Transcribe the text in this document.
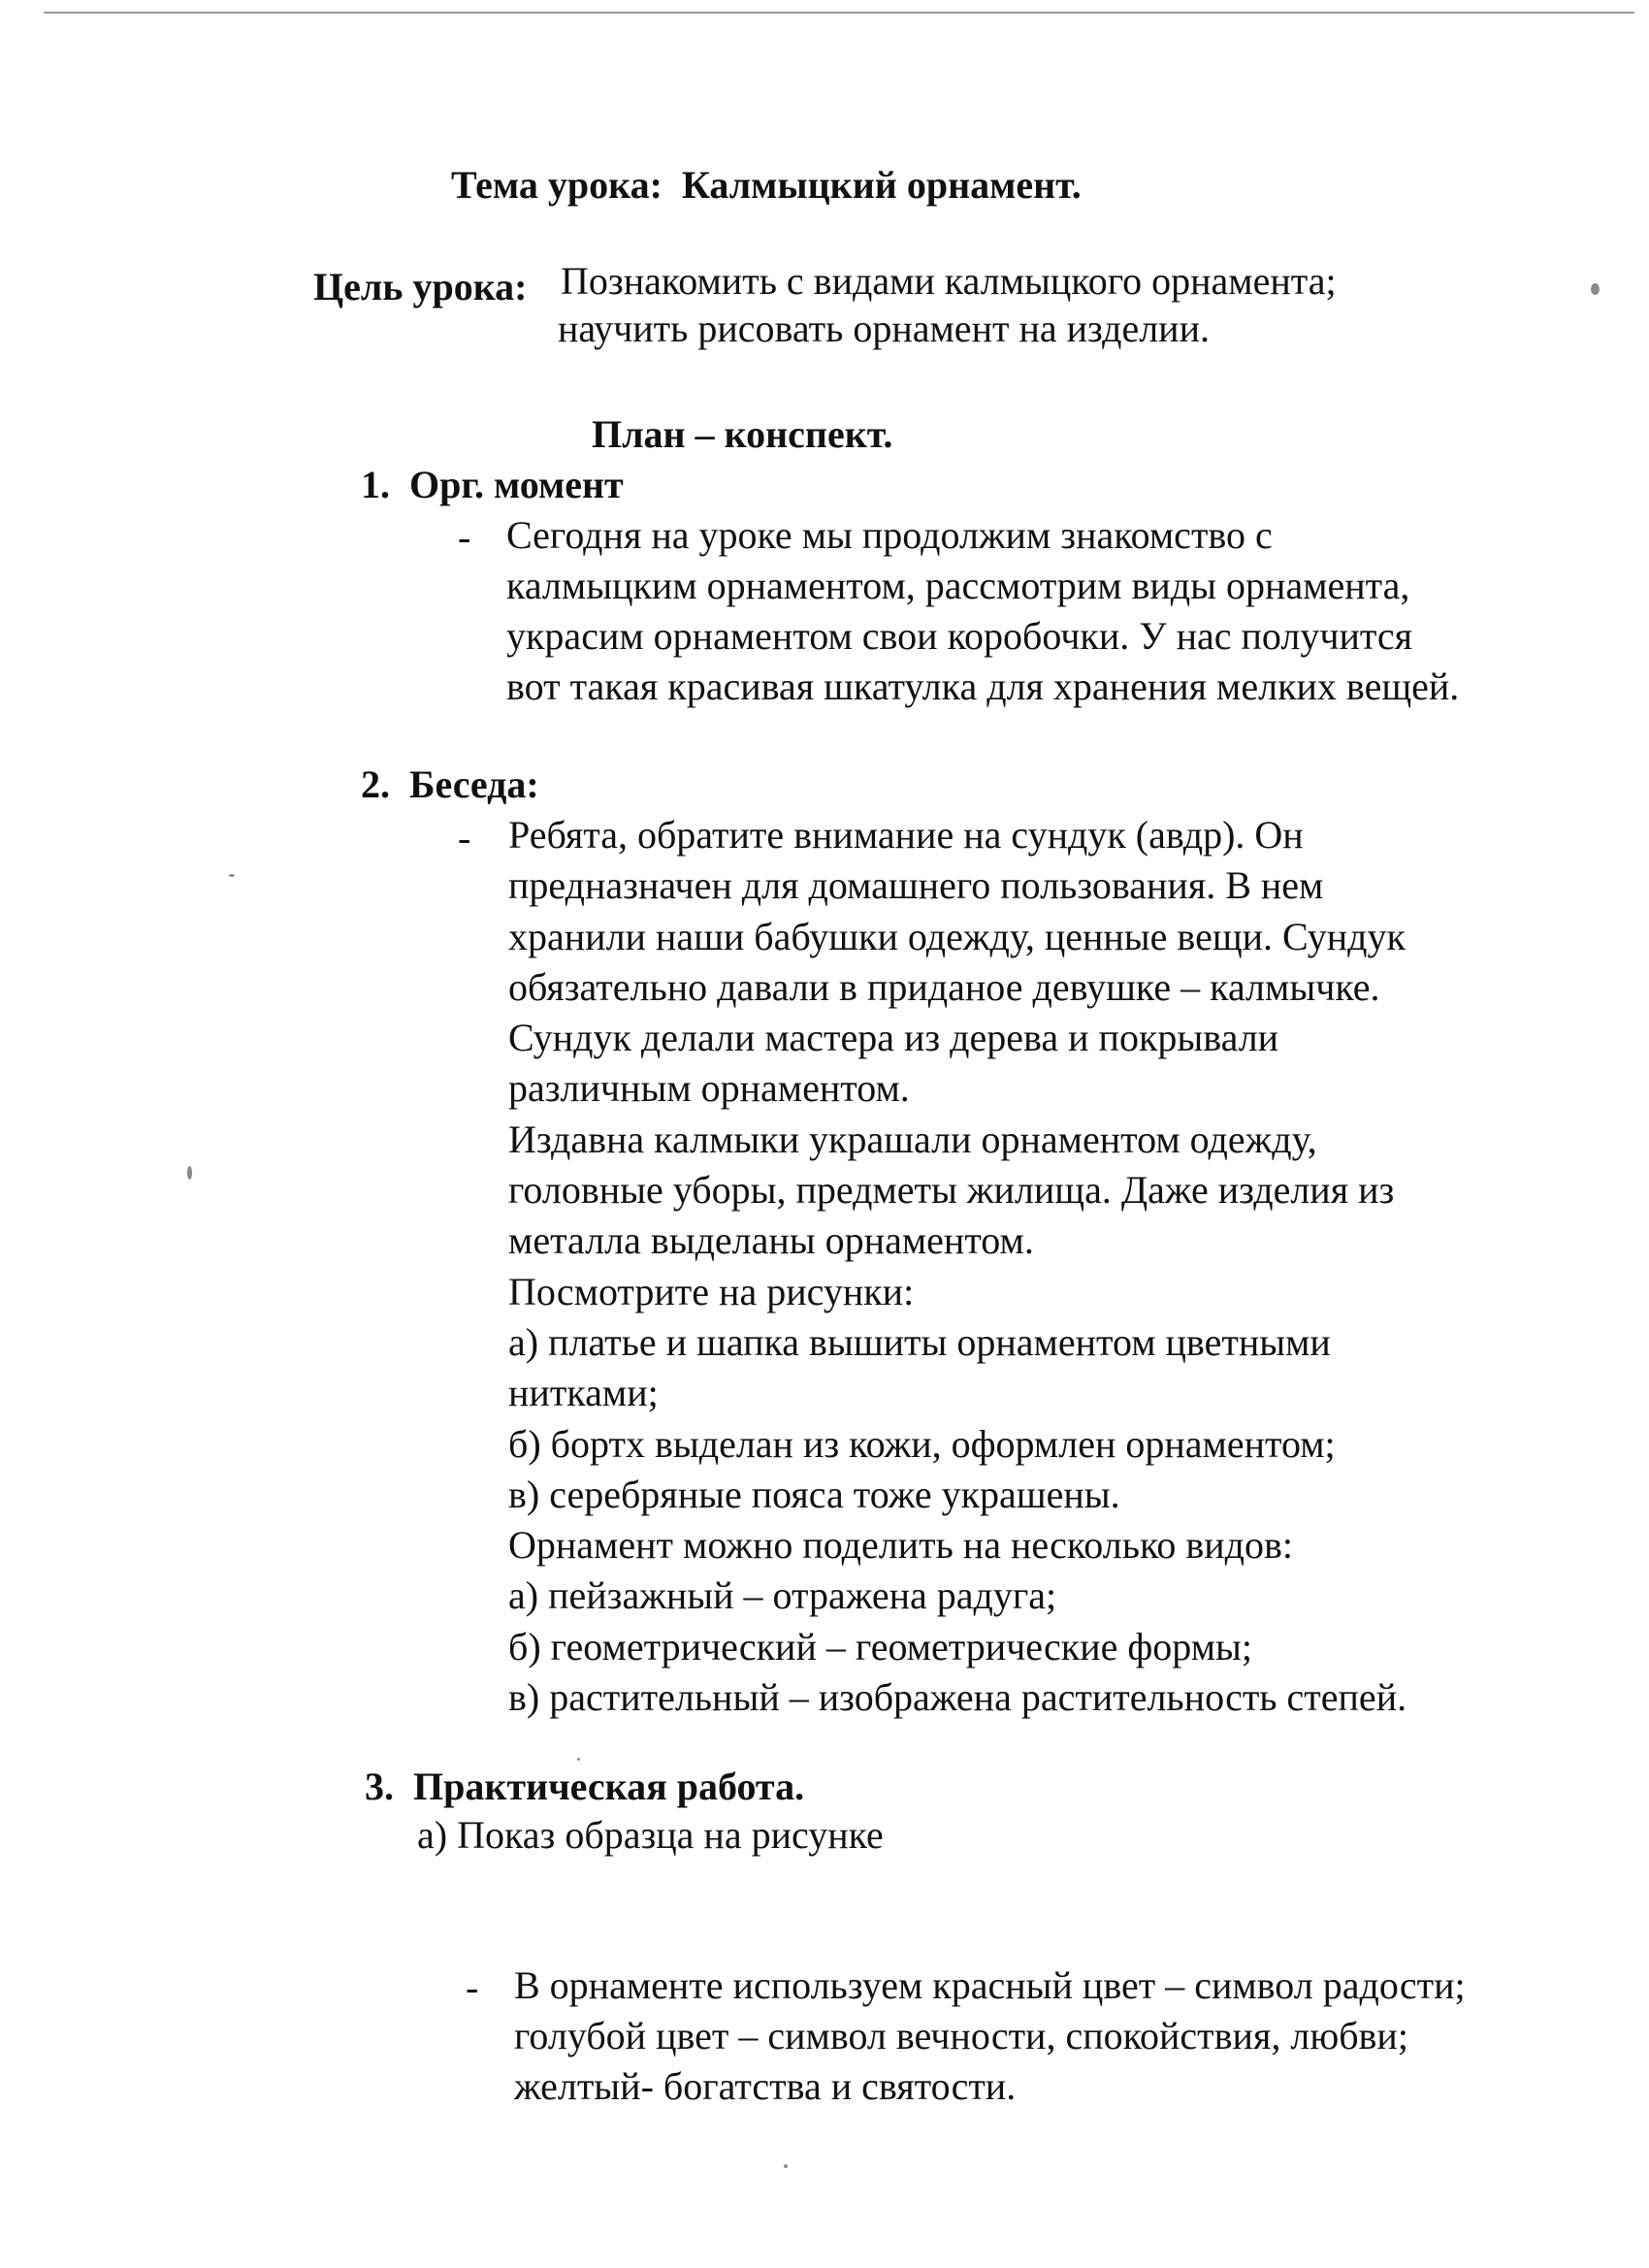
Тема урока: Калмыцкий орнамент.
Цель урока: Познакомить с видами калмыцкого орнамента;
научить рисовать орнамент на изделии.
План – конспект.
1. Орг. момент
- Сегодня на уроке мы продолжим знакомство с

калмыцким орнаментом, рассмотрим виды орнамента,

украсим орнаментом свои коробочки. У нас получится

вот такая красивая шкатулка для хранения мелких вещей.

2. Беседа:
- Ребята, обратите внимание на сундук (авдр). Он

предназначен для домашнего пользования. В нем

хранили наши бабушки одежду, ценные вещи. Сундук

обязательно давали в приданое девушке – калмычке.

Сундук делали мастера из дерева и покрывали

различным орнаментом.

Издавна калмыки украшали орнаментом одежду,

головные уборы, предметы жилища. Даже изделия из

металла выделаны орнаментом.

Посмотрите на рисунки:

а) платье и шапка вышиты орнаментом цветными

нитками;

б) бортх выделан из кожи, оформлен орнаментом;

в) серебряные пояса тоже украшены.

Орнамент можно поделить на несколько видов:

а) пейзажный – отражена радуга;

б) геометрический – геометрические формы;

в) растительный – изображена растительность степей.

3. Практическая работа.
а) Показ образца на рисунке
- В орнаменте используем красный цвет – символ радости;

голубой цвет – символ вечности, спокойствия, любви;

желтый- богатства и святости.
